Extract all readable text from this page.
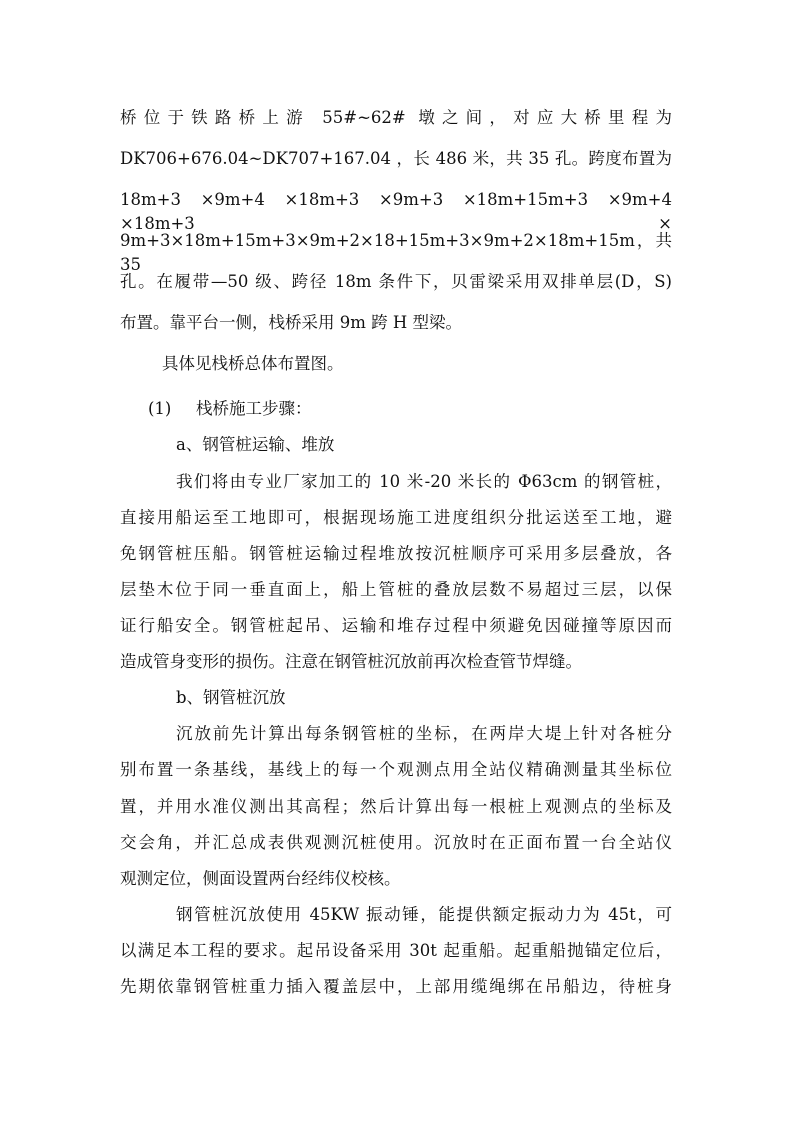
桥位于铁路桥上游 55#~62# 墩之间，对应大桥里程为
DK706+676.04~DK707+167.04 ，长 486 米，共 35 孔。跨度布置为
18m+3 ×9m+4 ×18m+3 ×9m+3 ×18m+15m+3 ×9m+4 ×18m+3 ×
9m+3×18m+15m+3×9m+2×18+15m+3×9m+2×18m+15m，共 35
孔。在履带—50 级、跨径 18m 条件下，贝雷梁采用双排单层(D，S)
布置。靠平台一侧，栈桥采用 9m 跨 H 型梁。
具体见栈桥总体布置图。
(1) 栈桥施工步骤：
a、钢管桩运输、堆放
我们将由专业厂家加工的 10 米-20 米长的 Φ63cm 的钢管桩，
直接用船运至工地即可，根据现场施工进度组织分批运送至工地，避
免钢管桩压船。钢管桩运输过程堆放按沉桩顺序可采用多层叠放，各
层垫木位于同一垂直面上，船上管桩的叠放层数不易超过三层，以保
证行船安全。钢管桩起吊、运输和堆存过程中须避免因碰撞等原因而
造成管身变形的损伤。注意在钢管桩沉放前再次检查管节焊缝。
b、钢管桩沉放
沉放前先计算出每条钢管桩的坐标，在两岸大堤上针对各桩分
别布置一条基线，基线上的每一个观测点用全站仪精确测量其坐标位
置，并用水准仪测出其高程；然后计算出每一根桩上观测点的坐标及
交会角，并汇总成表供观测沉桩使用。沉放时在正面布置一台全站仪
观测定位，侧面设置两台经纬仪校核。
钢管桩沉放使用 45KW 振动锤，能提供额定振动力为 45t，可
以满足本工程的要求。起吊设备采用 30t 起重船。起重船抛锚定位后，
先期依靠钢管桩重力插入覆盖层中，上部用缆绳绑在吊船边，待桩身
